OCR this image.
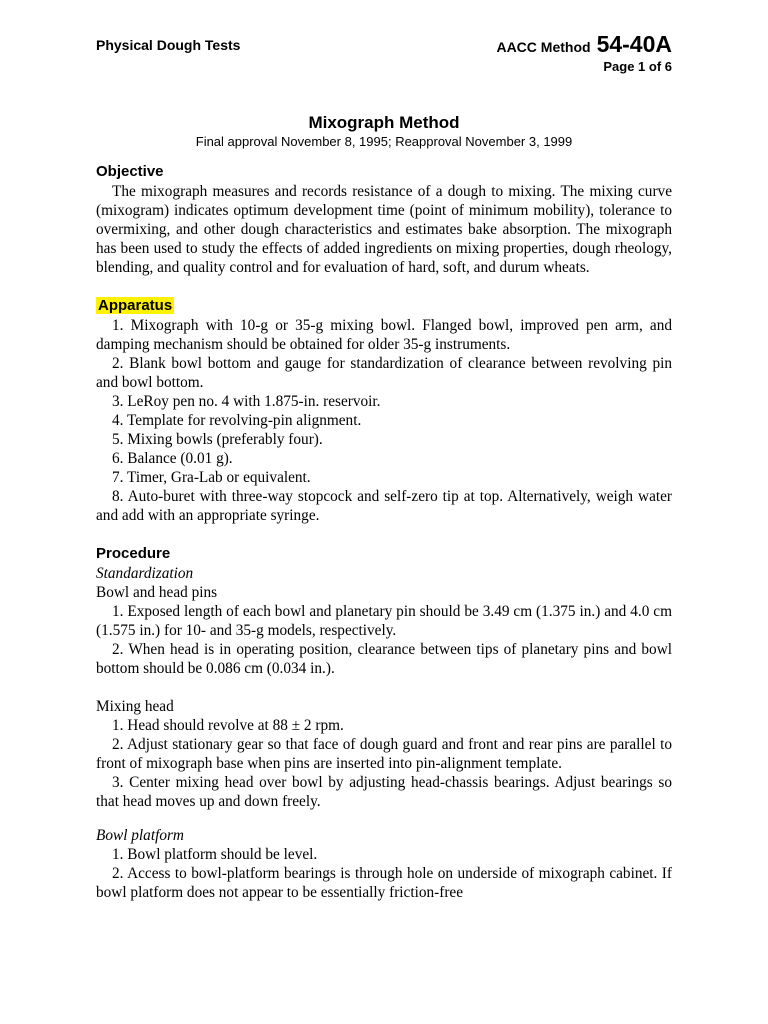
Physical Dough Tests	AACC Method 54-40A
Page 1 of 6
Mixograph Method
Final approval November 8, 1995; Reapproval November 3, 1999
Objective

The mixograph measures and records resistance of a dough to mixing. The mixing curve (mixogram) indicates optimum development time (point of minimum mobility), tolerance to overmixing, and other dough characteristics and estimates bake absorption. The mixograph has been used to study the effects of added ingredients on mixing properties, dough rheology, blending, and quality control and for evaluation of hard, soft, and durum wheats.

Apparatus

1. Mixograph with 10-g or 35-g mixing bowl. Flanged bowl, improved pen arm, and damping mechanism should be obtained for older 35-g instruments.

2. Blank bowl bottom and gauge for standardization of clearance between revolving pin and bowl bottom.

3. LeRoy pen no. 4 with 1.875-in. reservoir.

4. Template for revolving-pin alignment.

5. Mixing bowls (preferably four).

6. Balance (0.01 g).

7. Timer, Gra-Lab or equivalent.

8. Auto-buret with three-way stopcock and self-zero tip at top. Alternatively, weigh water and add with an appropriate syringe.

Procedure
Standardization
Bowl and head pins

1. Exposed length of each bowl and planetary pin should be 3.49 cm (1.375 in.) and 4.0 cm (1.575 in.) for 10- and 35-g models, respectively.

2. When head is in operating position, clearance between tips of planetary pins and bowl bottom should be 0.086 cm (0.034 in.).

Mixing head

1. Head should revolve at 88 ± 2 rpm.

2. Adjust stationary gear so that face of dough guard and front and rear pins are parallel to front of mixograph base when pins are inserted into pin-alignment template.

3. Center mixing head over bowl by adjusting head-chassis bearings. Adjust bearings so that head moves up and down freely.

Bowl platform

1. Bowl platform should be level.

2. Access to bowl-platform bearings is through hole on underside of mixograph cabinet. If bowl platform does not appear to be essentially friction-free
